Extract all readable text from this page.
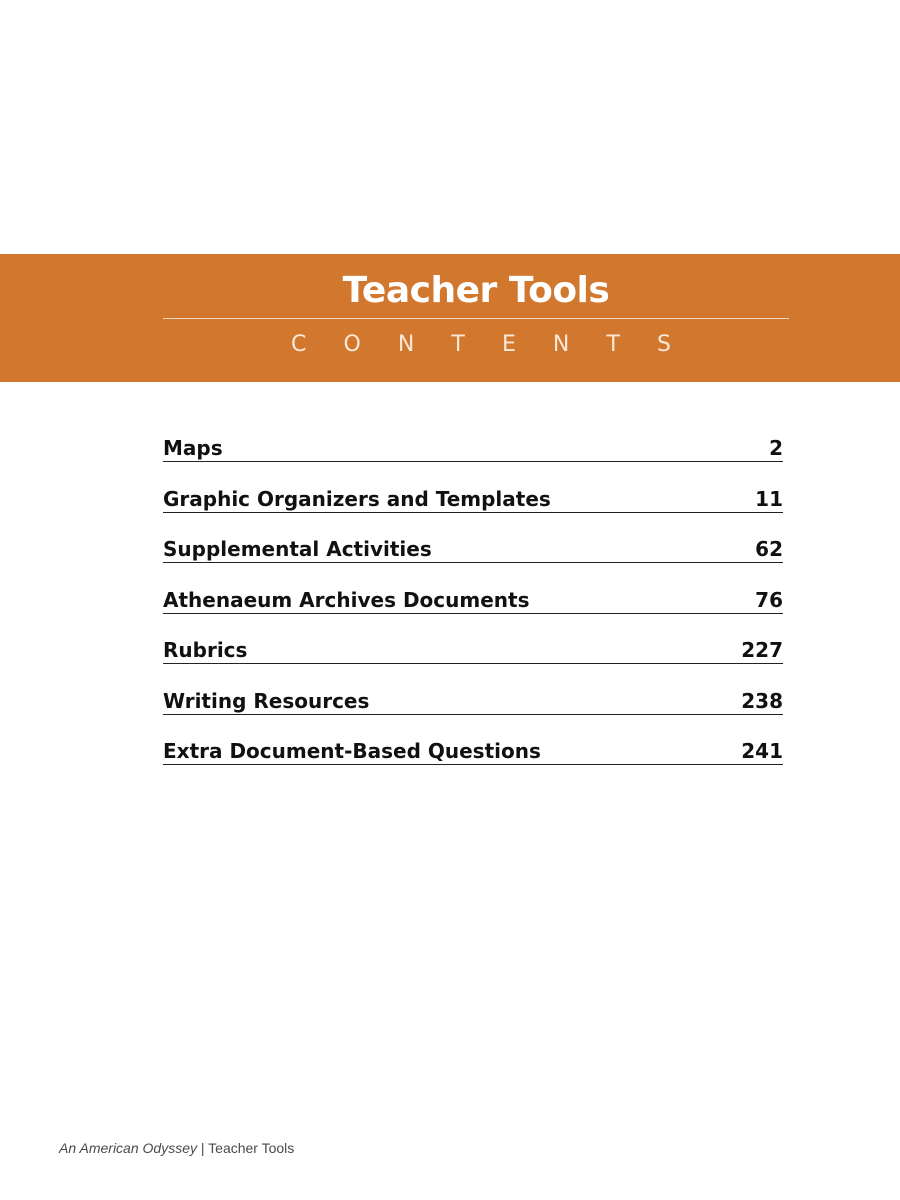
Teacher Tools
C O N T E N T S
Maps	2
Graphic Organizers and Templates	11
Supplemental Activities	62
Athenaeum Archives Documents	76
Rubrics	227
Writing Resources	238
Extra Document-Based Questions	241
An American Odyssey | Teacher Tools
